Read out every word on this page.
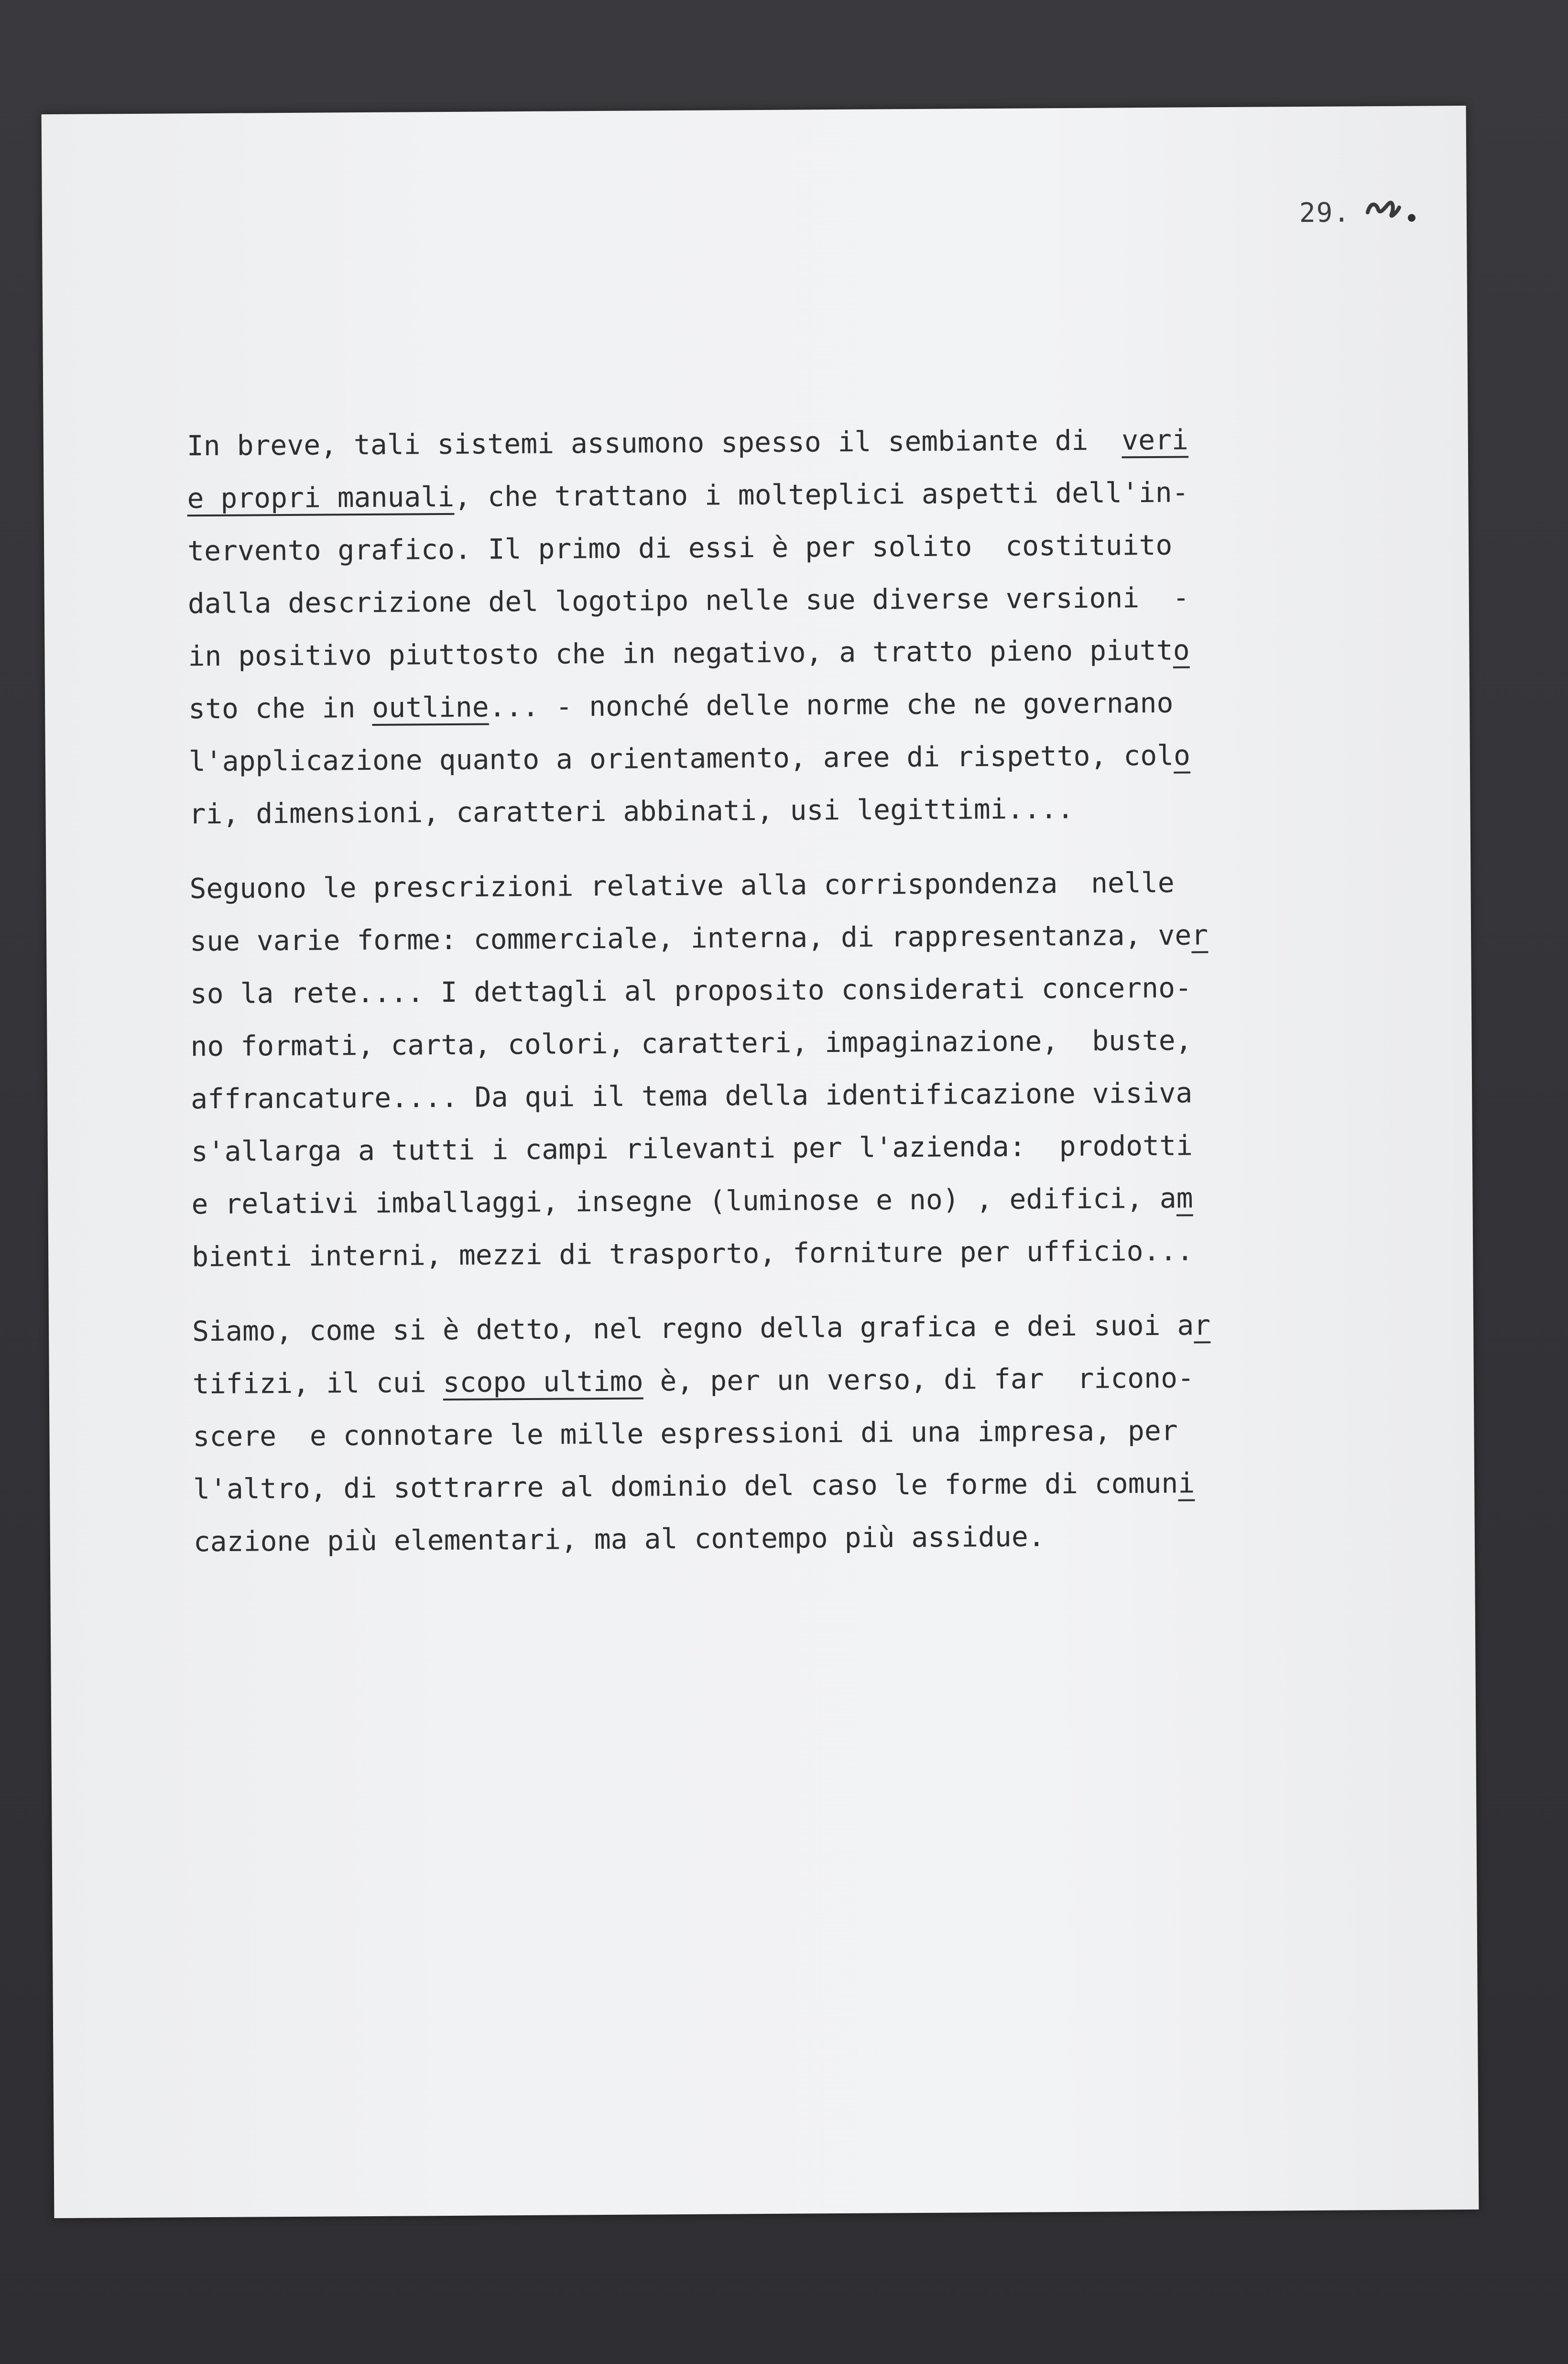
29.
In breve, tali sistemi assumono spesso il sembiante di  veri
e propri manuali, che trattano i molteplici aspetti dell'in-
tervento grafico. Il primo di essi è per solito  costituito
dalla descrizione del logotipo nelle sue diverse versioni  -
in positivo piuttosto che in negativo, a tratto pieno piutto
sto che in outline... - nonché delle norme che ne governano
l'applicazione quanto a orientamento, aree di rispetto, colo
ri, dimensioni, caratteri abbinati, usi legittimi....
Seguono le prescrizioni relative alla corrispondenza  nelle
sue varie forme: commerciale, interna, di rappresentanza, ver
so la rete.... I dettagli al proposito considerati concerno-
no formati, carta, colori, caratteri, impaginazione,  buste,
affrancature.... Da qui il tema della identificazione visiva
s'allarga a tutti i campi rilevanti per l'azienda:  prodotti
e relativi imballaggi, insegne (luminose e no) , edifici, am
bienti interni, mezzi di trasporto, forniture per ufficio...
Siamo, come si è detto, nel regno della grafica e dei suoi ar
tifizi, il cui scopo ultimo è, per un verso, di far  ricono-
scere  e connotare le mille espressioni di una impresa, per
l'altro, di sottrarre al dominio del caso le forme di comuni
cazione più elementari, ma al contempo più assidue.
